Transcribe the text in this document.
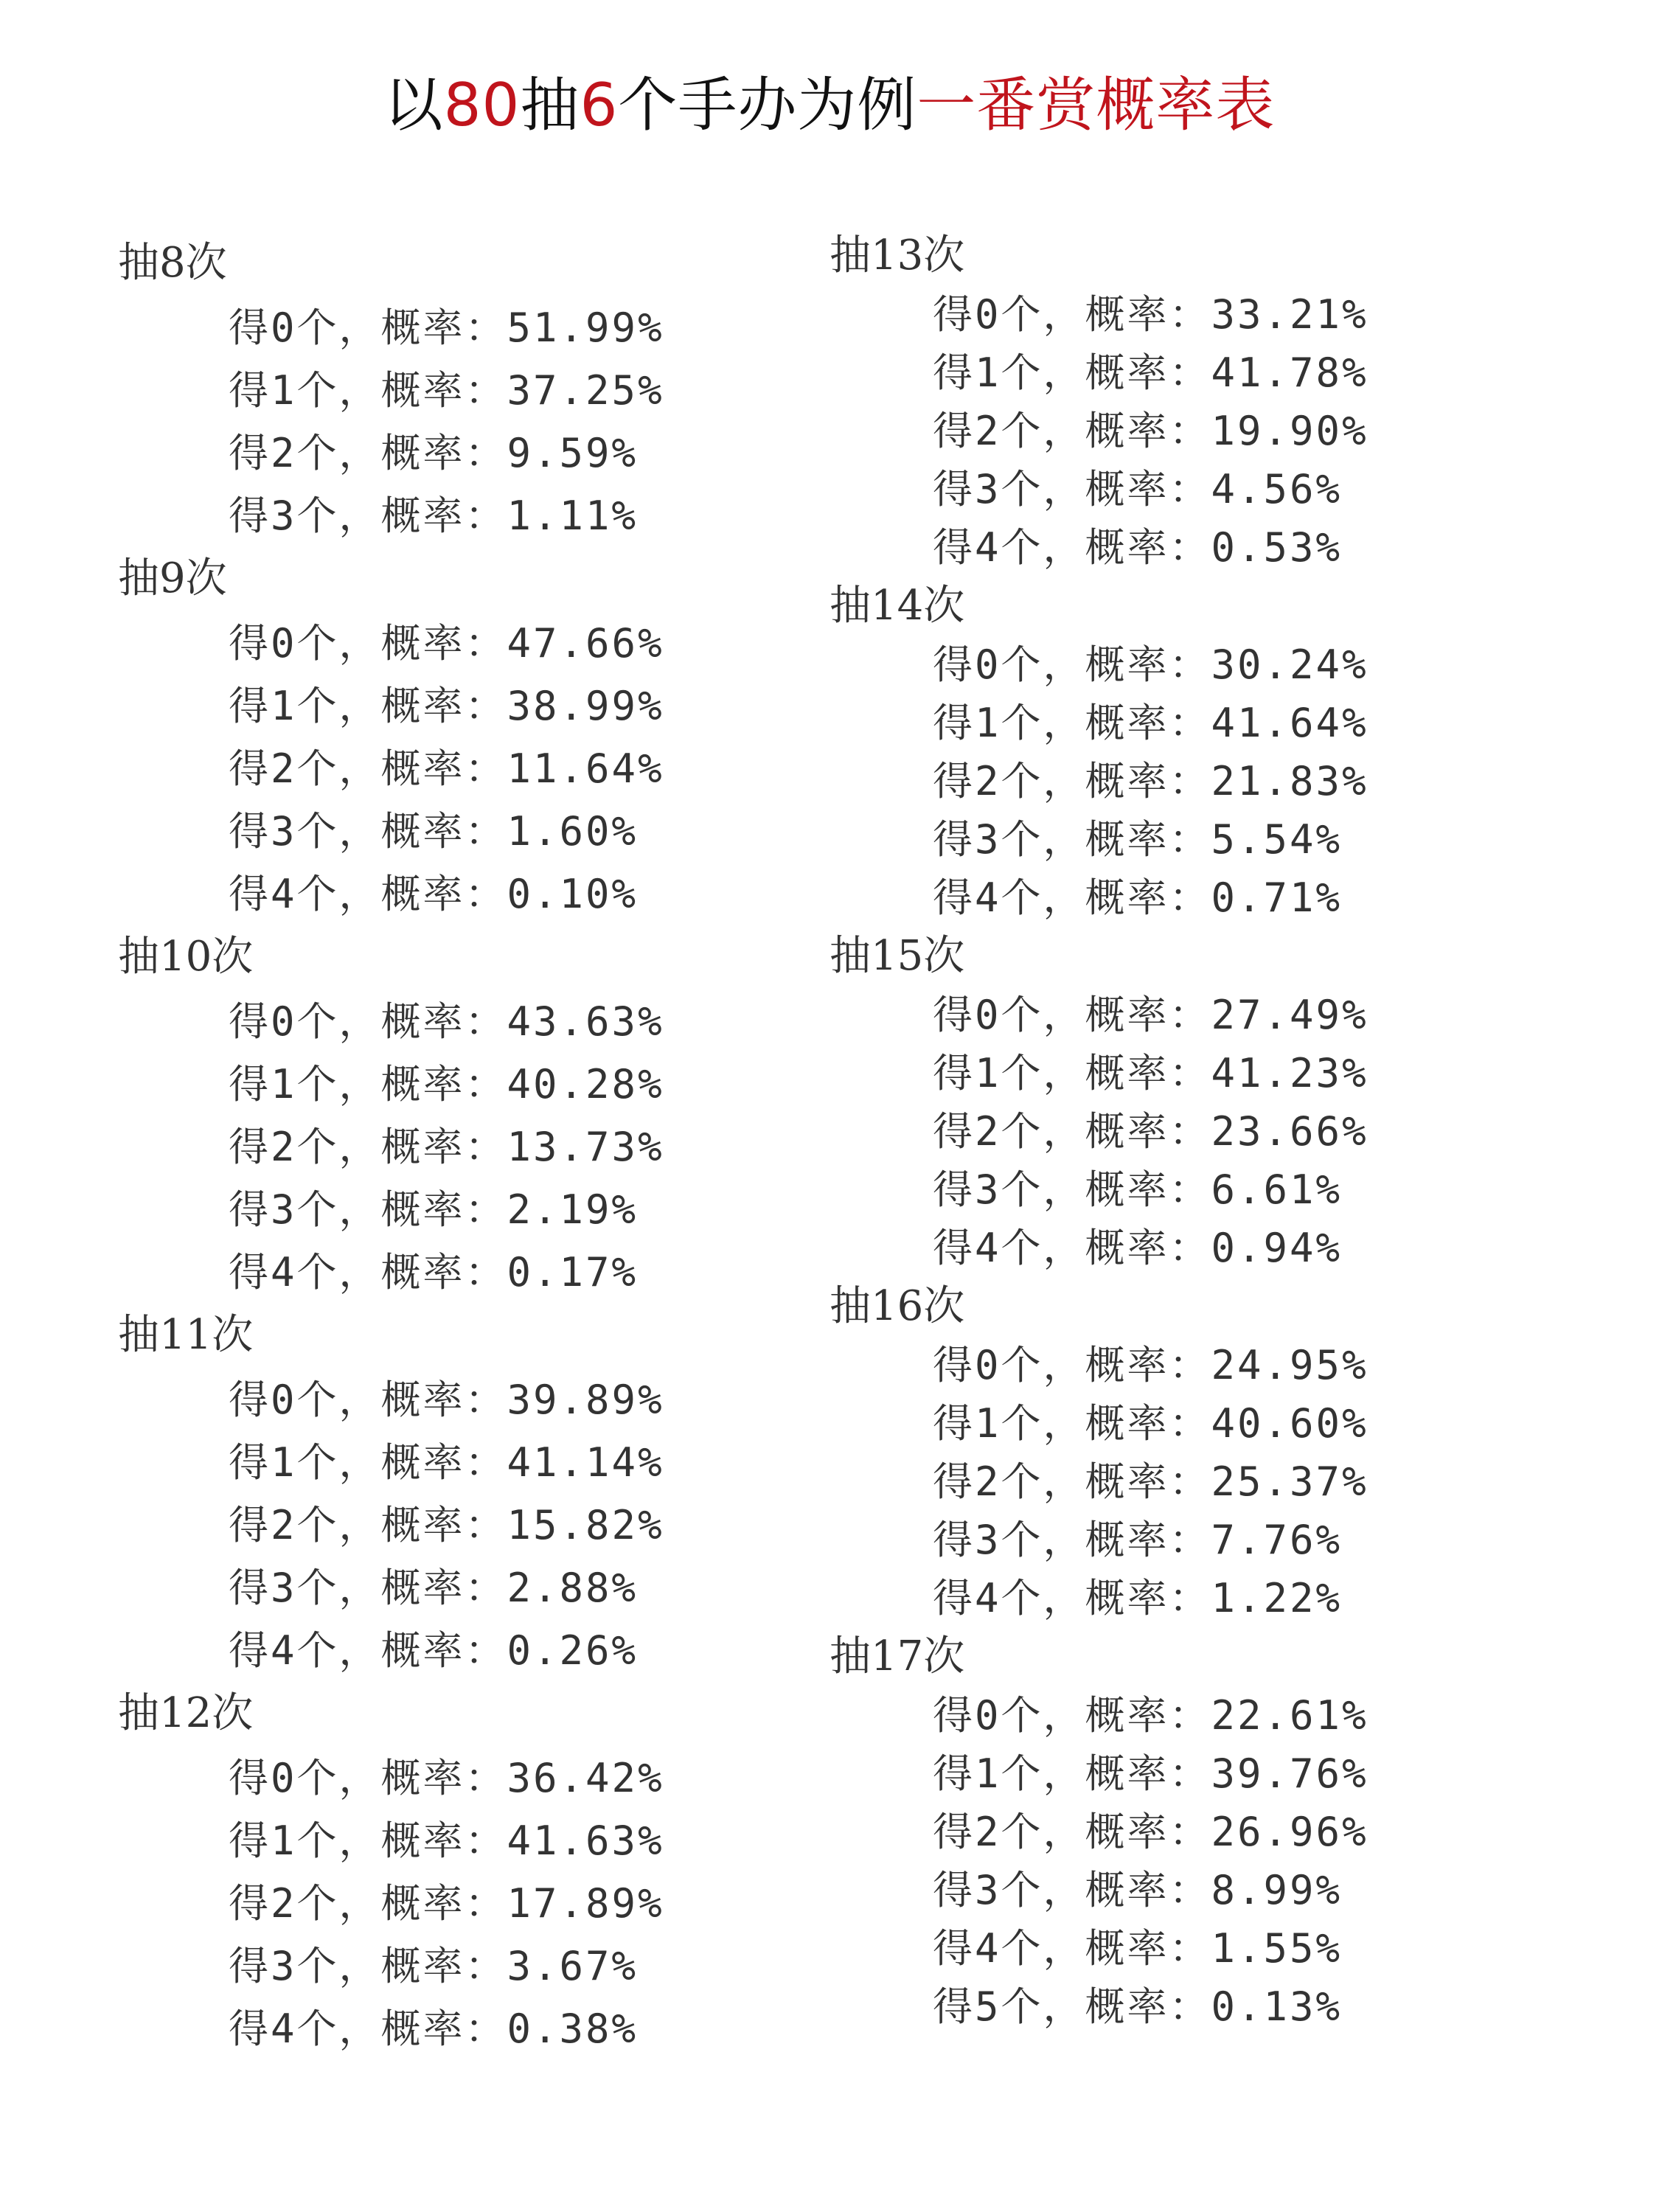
以80抽6个手办为例一番赏概率表
抽8次
得0个，概率：51.99%
得1个，概率：37.25%
得2个，概率：9.59%
得3个，概率：1.11%
抽9次
得0个，概率：47.66%
得1个，概率：38.99%
得2个，概率：11.64%
得3个，概率：1.60%
得4个，概率：0.10%
抽10次
得0个，概率：43.63%
得1个，概率：40.28%
得2个，概率：13.73%
得3个，概率：2.19%
得4个，概率：0.17%
抽11次
得0个，概率：39.89%
得1个，概率：41.14%
得2个，概率：15.82%
得3个，概率：2.88%
得4个，概率：0.26%
抽12次
得0个，概率：36.42%
得1个，概率：41.63%
得2个，概率：17.89%
得3个，概率：3.67%
得4个，概率：0.38%
抽13次
得0个，概率：33.21%
得1个，概率：41.78%
得2个，概率：19.90%
得3个，概率：4.56%
得4个，概率：0.53%
抽14次
得0个，概率：30.24%
得1个，概率：41.64%
得2个，概率：21.83%
得3个，概率：5.54%
得4个，概率：0.71%
抽15次
得0个，概率：27.49%
得1个，概率：41.23%
得2个，概率：23.66%
得3个，概率：6.61%
得4个，概率：0.94%
抽16次
得0个，概率：24.95%
得1个，概率：40.60%
得2个，概率：25.37%
得3个，概率：7.76%
得4个，概率：1.22%
抽17次
得0个，概率：22.61%
得1个，概率：39.76%
得2个，概率：26.96%
得3个，概率：8.99%
得4个，概率：1.55%
得5个，概率：0.13%
